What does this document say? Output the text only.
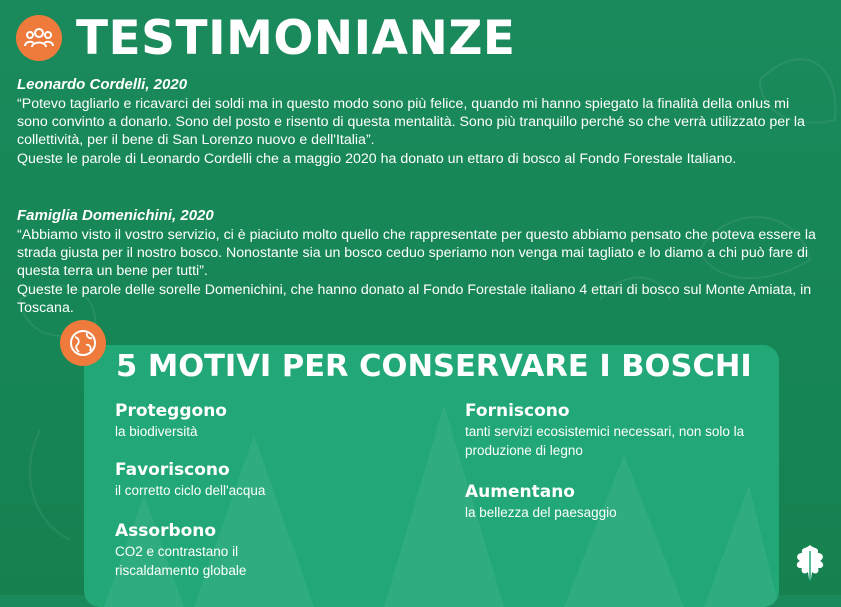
TESTIMONIANZE
Leonardo Cordelli, 2020
“Potevo tagliarlo e ricavarci dei soldi ma in questo modo sono più felice, quando mi hanno spiegato la finalità della onlus mi sono convinto a donarlo. Sono del posto e risento di questa mentalità. Sono più tranquillo perché so che verrà utilizzato per la collettività, per il bene di San Lorenzo nuovo e dell'Italia”.
Queste le parole di Leonardo Cordelli che a maggio 2020 ha donato un ettaro di bosco al Fondo Forestale Italiano.
Famiglia Domenichini, 2020
“Abbiamo visto il vostro servizio, ci è piaciuto molto quello che rappresentate per questo abbiamo pensato che poteva essere la strada giusta per il nostro bosco. Nonostante sia un bosco ceduo speriamo non venga mai tagliato e lo diamo a chi può fare di questa terra un bene per tutti”.
Queste le parole delle sorelle Domenichini, che hanno donato al Fondo Forestale italiano 4 ettari di bosco sul Monte Amiata, in Toscana.
5 MOTIVI PER CONSERVARE I BOSCHI
Proteggono
la biodiversità
Favoriscono
il corretto ciclo dell'acqua
Assorbono
CO2 e contrastano il riscaldamento globale
Forniscono
tanti servizi ecosistemici necessari, non solo la produzione di legno
Aumentano
la bellezza del paesaggio
